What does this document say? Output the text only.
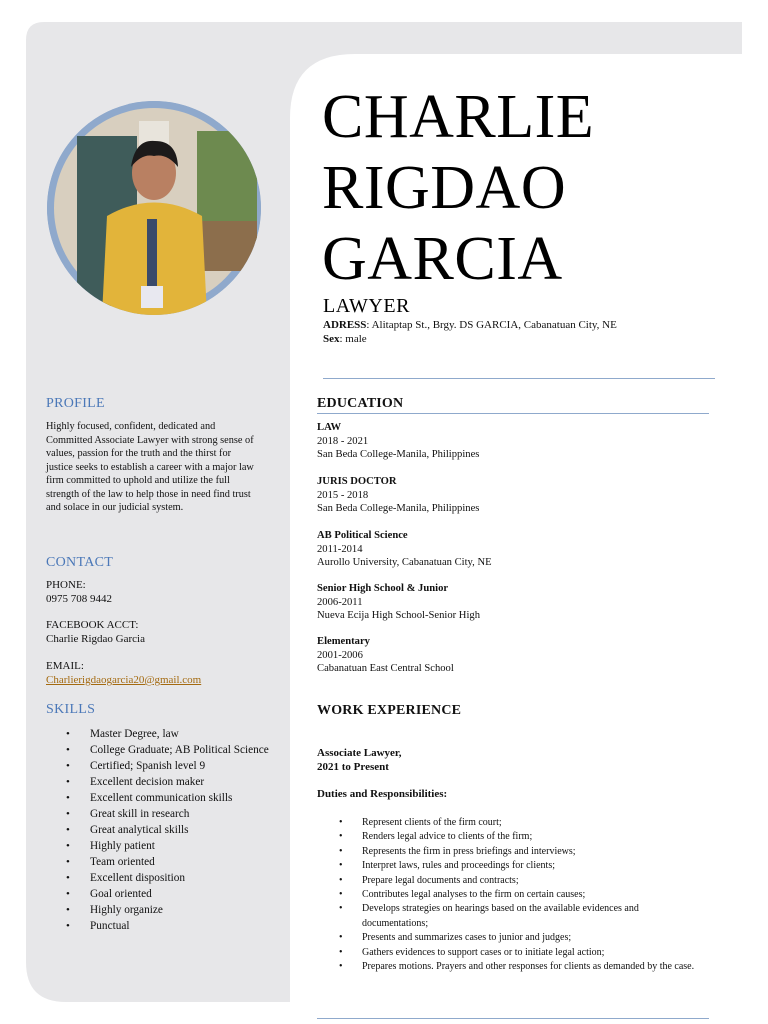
CHARLIE
RIGDAO
GARCIA
LAWYER
ADRESS: Alitaptap St., Brgy. DS GARCIA, Cabanatuan City, NE
Sex: male
PROFILE
Highly focused, confident, dedicated and Committed Associate Lawyer with strong sense of values, passion for the truth and the thirst for justice seeks to establish a career with a major law firm committed to uphold and utilize the full strength of the law to help those in need find trust and solace in our judicial system.
CONTACT
PHONE:
0975 708 9442
FACEBOOK ACCT:
Charlie Rigdao Garcia
EMAIL:
Charlierigdaogarcia20@gmail.com
SKILLS
• Master Degree, law
• College Graduate; AB Political Science
• Certified; Spanish level 9
• Excellent decision maker
• Excellent communication skills
• Great skill in research
• Great analytical skills
• Highly patient
• Team oriented
• Excellent disposition
• Goal oriented
• Highly organize
• Punctual
EDUCATION
LAW
2018 - 2021
San Beda College-Manila, Philippines
JURIS DOCTOR
2015 - 2018
San Beda College-Manila, Philippines
AB Political Science
2011-2014
Aurollo University, Cabanatuan City, NE
Senior High School & Junior
2006-2011
Nueva Ecija High School-Senior High
Elementary
2001-2006
Cabanatuan East Central School
WORK EXPERIENCE
Associate Lawyer,
2021 to Present
Duties and Responsibilities:
• Represent clients of the firm court;
• Renders legal advice to clients of the firm;
• Represents the firm in press briefings and interviews;
• Interpret laws, rules and proceedings for clients;
• Prepare legal documents and contracts;
• Contributes legal analyses to the firm on certain causes;
• Develops strategies on hearings based on the available evidences and documentations;
• Presents and summarizes cases to junior and judges;
• Gathers evidences to support cases or to initiate legal action;
• Prepares motions. Prayers and other responses for clients as demanded by the case.
